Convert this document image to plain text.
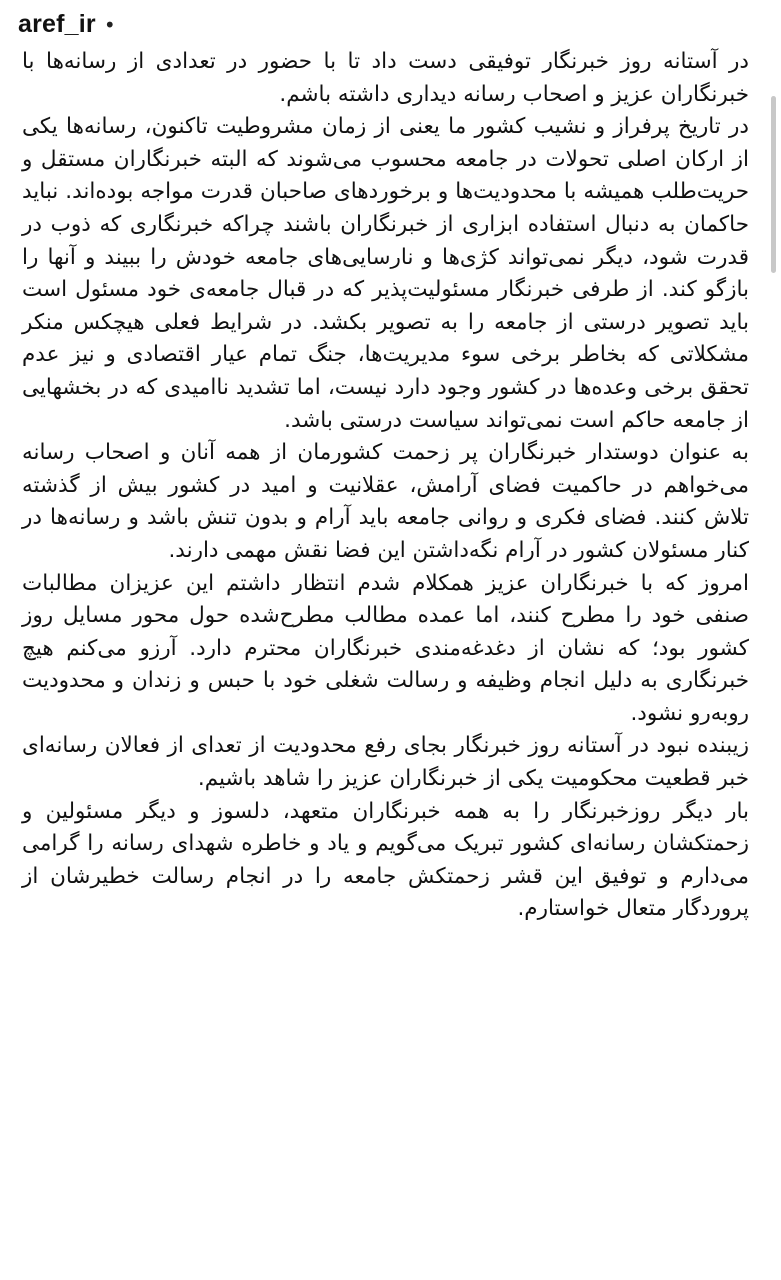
aref_ir •

در آستانه روز خبرنگار توفیقی دست داد تا با حضور در تعدادی از رسانه‌ها با خبرنگاران عزیز و اصحاب رسانه دیداری داشته باشم.

در تاریخ پرفراز و نشیب کشور ما یعنی از زمان مشروطیت تاکنون، رسانه‌ها یکی از ارکان اصلی تحولات در جامعه محسوب می‌شوند که البته خبرنگاران مستقل و حریت‌طلب همیشه با محدودیت‌ها و برخوردهای صاحبان قدرت مواجه بوده‌اند. نباید حاکمان به دنبال استفاده ابزاری از خبرنگاران باشند چراکه خبرنگاری که ذوب در قدرت شود، دیگر نمی‌تواند کژی‌ها و نارسایی‌های جامعه خودش را ببیند و آنها را بازگو کند. از طرفی خبرنگار مسئولیت‌پذیر که در قبال جامعه‌ی خود مسئول است باید تصویر درستی از جامعه را به تصویر بکشد. در شرایط فعلی هیچکس منکر مشکلاتی که بخاطر برخی سوء مدیریت‌ها، جنگ تمام عیار اقتصادی و نیز عدم تحقق برخی وعده‌ها در کشور وجود دارد نیست، اما تشدید ناامیدی که در بخشهایی از جامعه حاکم است نمی‌تواند سیاست درستی باشد.

به عنوان دوستدار خبرنگاران پر زحمت کشورمان از همه آنان و اصحاب رسانه می‌خواهم در حاکمیت فضای آرامش، عقلانیت و امید در کشور بیش از گذشته تلاش کنند. فضای فکری و روانی جامعه باید آرام و بدون تنش باشد و رسانه‌ها در کنار مسئولان کشور در آرام نگه‌داشتن این فضا نقش مهمی دارند.

امروز که با خبرنگاران عزیز همکلام شدم انتظار داشتم این عزیزان مطالبات صنفی خود را مطرح کنند، اما عمده مطالب مطرح‌شده حول محور مسایل روز کشور بود؛ که نشان از دغدغه‌مندی خبرنگاران محترم دارد. آرزو می‌کنم هیچ خبرنگاری به دلیل انجام وظیفه و رسالت شغلی خود با حبس و زندان و محدودیت روبه‌رو نشود.

زیبنده نبود در آستانه روز خبرنگار بجای رفع محدودیت از تعدای از فعالان رسانه‌ای خبر قطعیت محکومیت یکی از خبرنگاران عزیز را شاهد باشیم.

بار دیگر روزخبرنگار را به همه خبرنگاران متعهد، دلسوز و دیگر مسئولین و زحمتکشان رسانه‌ای کشور تبریک می‌گویم و یاد و خاطره شهدای رسانه را گرامی می‌دارم و توفیق این قشر زحمتکش جامعه را در انجام رسالت خطیرشان از پروردگار متعال خواستارم.
